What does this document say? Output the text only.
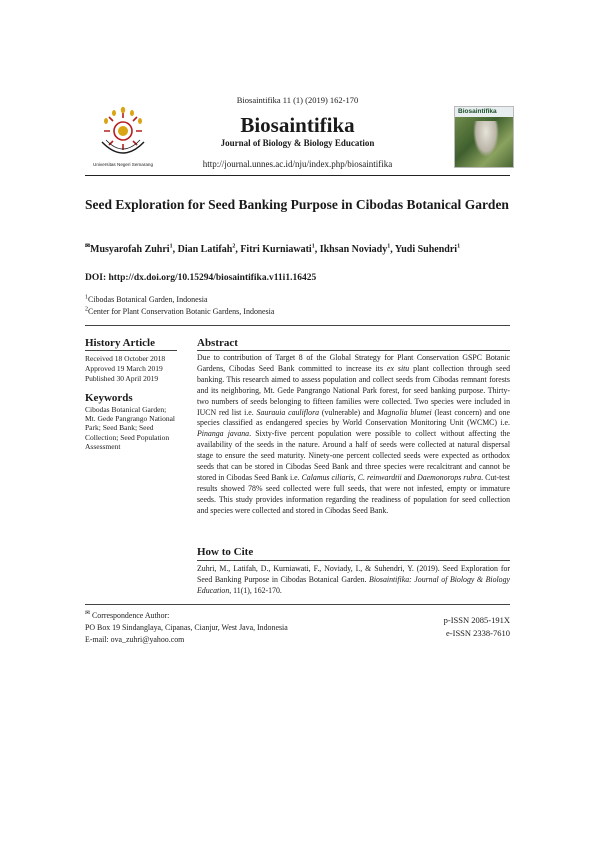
Biosaintifika 11 (1) (2019) 162-170
Universitas Negeri Semarang
Biosaintifika
Biosaintifika
Journal of Biology & Biology Education
http://journal.unnes.ac.id/nju/index.php/biosaintifika
Seed Exploration for Seed Banking Purpose in Cibodas Botanical Garden
✉Musyarofah Zuhri$^1$, Dian Latifah$^2$, Fitri Kurniawati$^1$, Ikhsan Noviady$^1$, Yudi Suhendri$^1$
DOI: http://dx.doi.org/10.15294/biosaintifika.v11i1.16425
$^1$Cibodas Botanical Garden, Indonesia
$^2$Center for Plant Conservation Botanic Gardens, Indonesia
History Article
Received 18 October 2018
Approved 19 March 2019
Published 30 April 2019
Keywords
Cibodas Botanical Garden; Mt. Gede Pangrango National Park; Seed Bank; Seed Collection; Seed Population Assessment
Abstract
Due to contribution of Target 8 of the Global Strategy for Plant Conservation GSPC Botanic Gardens, Cibodas Seed Bank committed to increase its ex situ plant collection through seed banking. This research aimed to assess population and collect seeds from Cibodas remnant forests and its neighboring, Mt. Gede Pangrango National Park forest, for seed banking purpose. Thirty-two numbers of seeds belonging to fifteen families were collected. Two species were included in IUCN red list i.e. Saurauia cauliflora (vulnerable) and Magnolia blumei (least concern) and one species classified as endangered species by World Conservation Monitoring Unit (WCMC) i.e. Pinanga javana. Sixty-five percent population were possible to collect without affecting the availability of the seeds in the nature. Around a half of seeds were collected at natural dispersal stage to ensure the seed maturity. Ninety-one percent collected seeds were expected as orthodox seeds that can be stored in Cibodas Seed Bank and three species were recalcitrant and cannot be stored in Cibodas Seed Bank i.e. Calamus ciliaris, C. reinwardtii and Daemonorops rubra. Cut-test results showed 78% seed collected were full seeds, that were not infested, empty or immature seeds. This study provides information regarding the readiness of population for seed collection and species were collected and stored in Cibodas Seed Bank.
How to Cite
Zuhri, M., Latifah, D., Kurniawati, F., Noviady, I., & Suhendri, Y. (2019). Seed Exploration for Seed Banking Purpose in Cibodas Botanical Garden. Biosaintifika: Journal of Biology & Biology Education, 11(1), 162-170.
✉ Correspondence Author:
PO Box 19 Sindanglaya, Cipanas, Cianjur, West Java, Indonesia
E-mail: ova_zuhri@yahoo.com
p-ISSN 2085-191X
e-ISSN 2338-7610
